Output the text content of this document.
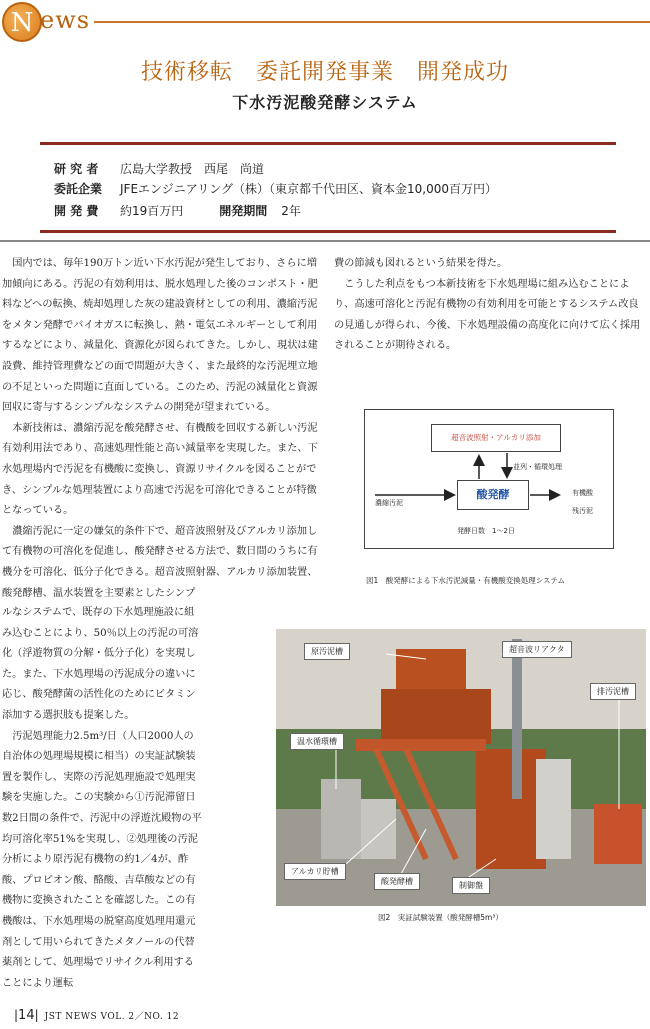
N ews
技術移転　委託開発事業　開発成功
下水汚泥酸発酵システム
研 究 者 広島大学教授　西尾　尚道
委託企業 JFEエンジニアリング（株）（東京都千代田区、資本金10,000百万円）
開 発 費 約19百万円	開発期間 2年

国内では、毎年190万トン近い下水汚泥が発生しており、さらに増加傾向にある。汚泥の有効利用は、脱水処理した後のコンポスト・肥料などへの転換、焼却処理した灰の建設資材としての利用、濃縮汚泥をメタン発酵でバイオガスに転換し、熱・電気エネルギーとして利用するなどにより、減量化、資源化が図られてきた。しかし、現状は建設費、維持管理費などの面で問題が大きく、また最終的な汚泥埋立地の不足といった問題に直面している。このため、汚泥の減量化と資源回収に寄与するシンプルなシステムの開発が望まれている。

本新技術は、濃縮汚泥を酸発酵させ、有機酸を回収する新しい汚泥有効利用法であり、高速処理性能と高い減量率を実現した。また、下水処理場内で汚泥を有機酸に変換し、資源リサイクルを図ることができ、シンプルな処理装置により高速で汚泥を可溶化できることが特徴となっている。

濃縮汚泥に一定の嫌気的条件下で、超音波照射及びアルカリ添加して有機物の可溶化を促進し、酸発酵させる方法で、数日間のうちに有機分を可溶化、低分子化できる。超音波照射器、アルカリ添加装置、酸発酵槽、温水装置を主要素としたシンプ

ルなシステムで、既存の下水処理施設に組み込むことにより、50％以上の汚泥の可溶化（浮遊物質の分解・低分子化）を実現した。また、下水処理場の汚泥成分の違いに応じ、酸発酵菌の活性化のためにビタミン添加する選択肢も提案した。

汚泥処理能力2.5m³/日（人口2000人の自治体の処理場規模に相当）の実証試験装置を製作し、実際の汚泥処理施設で処理実験を実施した。この実験から①汚泥滞留日数2日間の条件で、汚泥中の浮遊沈殿物の平均可溶化率51%を実現し、②処理後の汚泥分析により原汚泥有機物の約1／4が、酢酸、プロピオン酸、酪酸、吉草酸などの有機物に変換されたことを確認した。この有機酸は、下水処理場の脱窒高度処理用還元剤として用いられてきたメタノールの代替薬剤として、処理場でリサイクル利用することにより運転

費の節減も図れるという結果を得た。

こうした利点をもつ本新技術を下水処理場に組み込むことにより、高速可溶化と汚泥有機物の有効利用を可能とするシステム改良の見通しが得られ、今後、下水処理設備の高度化に向けて広く採用されることが期待される。

超音波照射・アルカリ添加
酸発酵
並列・循環処理
濃縮汚泥
有機酸
残汚泥
発酵日数　1～2日
図1　酸発酵による下水汚泥減量・有機酸変換処理システム
原汚泥槽	超音波リアクタ
排汚泥槽
温水循環槽
アルカリ貯槽
酸発酵槽	制御盤
図2　実証試験装置（酸発酵槽5m³）
|14| JST NEWS VOL. 2／NO. 12
